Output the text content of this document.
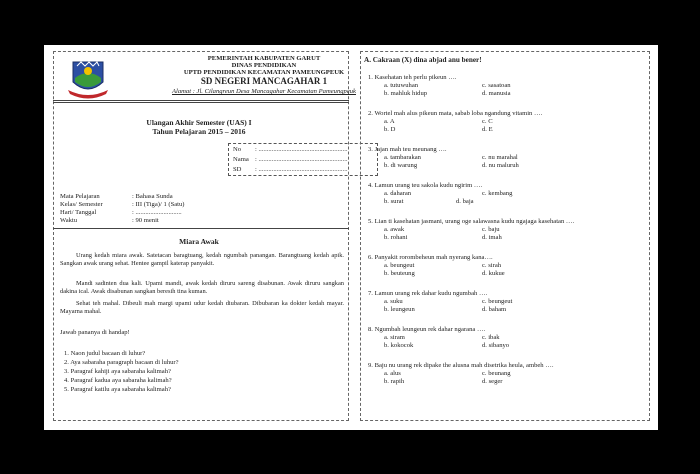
PEMERINTAH KABUPATEN GARUT
DINAS PENDIDIKAN
UPTD PENDIDIKAN KECAMATAN PAMEUNGPEUK
SD NEGERI MANCAGAHAR 1
Alamat : Jl. Cilangreun Desa Mancagahar Kecamatan Pameungpeuk
Ulangan Akhir Semester (UAS) I
Tahun Pelajaran 2015 – 2016
No : ......................................................
Nama : ......................................................
SD : ......................................................
Mata Pelajaran	: Bahasa Sunda
Kelas/ Semester	: III (Tiga)/ 1 (Satu)
Hari/ Tanggal	: ............................
Waktu	: 90 menit
Miara Awak
Urang kedah miara awak. Satetacan baragtuang, kedah ngumbah panangan. Barangtuang kedah apik. Sangkan awak urang sehat. Hentee gampil katerap panyakit.
Mandi sadinten dua kali. Upami mandi, awak kedah diruru sareng disabunan. Awak diruru sangkan dakina ical. Awak disabunan sangkan beresih tina kuman.
Sehat teh mahal. Dibeuli mah margi upami udur kedah diubaran. Dibubaran ka dokter kedah mayar. Mayarna mahal.
Jawab pananya di handap!
1. Naon judul bacaan di luhur?
2. Aya sabaraha paragraph bacaan di luhur?
3. Paragraf kahiji aya sabaraha kalimah?
4. Paragraf kadua aya sabaraha kalimah?
5. Paragraf katilu aya sabaraha kalimah?
A. Cakraan (X) dina abjad anu bener!
1. Kasehatan teh perlu pikeun ….
a. tutuwuhan	c. sasatoan
b. mahluk hidup	d. manusia
2. Wortel mah alus pikeun mata, sabab loba ngandung vitamin ….
a. A	c. C
b. D	d. E
3. Jajan mah teu meunang ….
a. tambarakan	c. nu marahal
b. di warung	d. nu maluruh
4. Lamun urang teu sakola kudu ngirim ….
a. daharan	c. kembang
b. surat	d. baja
5. Lian ti kasehatan jasmani, urang oge salawasna kudu ngajaga kasehatan ….
a. awak	c. baju
b. rohani	d. imah
6. Panyakit rorombeheun mah nyerang kana….
a. beungeut	c. sirah
b. beuteung	d. kukue
7. Lamun urang rek dahar kudu ngumbah ….
a. suku	c. beungeut
b. leungeun	d. baham
8. Ngumbah leungeun rek dahar ngarana ….
a. siram	c. ibak
b. kokocok	d. sibanyo
9. Baju nu urang rek dipake the alusna mah disetrika heula, ambeh ….
a. alus	c. beunang
b. rapih	d. seger
